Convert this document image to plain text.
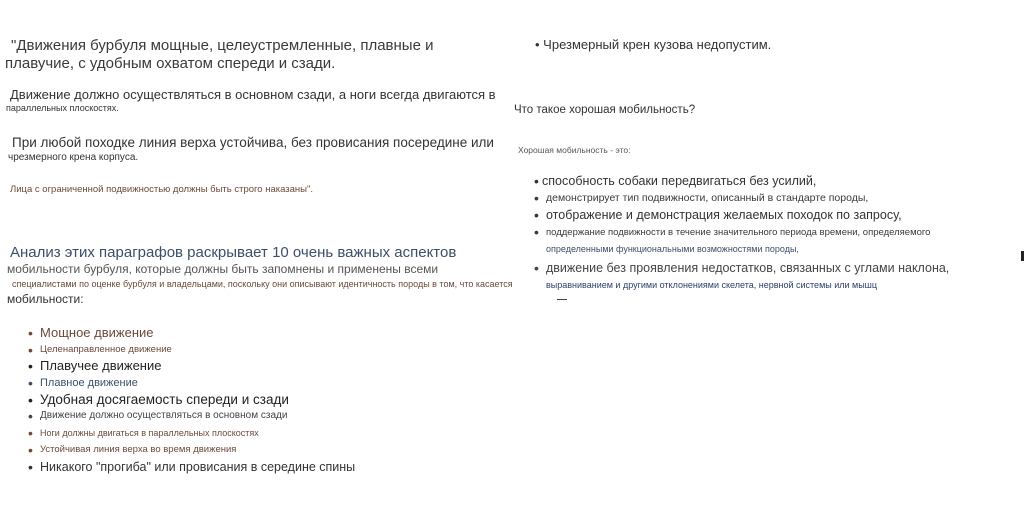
"Движения бурбуля мощные, целеустремленные, плавные и
плавучие, с удобным охватом спереди и сзади.
Движение должно осуществляться в основном сзади, а ноги всегда двигаются в
параллельных плоскостях.
При любой походке линия верха устойчива, без провисания посередине или
чрезмерного крена корпуса.
Лица с ограниченной подвижностью должны быть строго наказаны".
Анализ этих параграфов раскрывает 10 очень важных аспектов
мобильности бурбуля, которые должны быть запомнены и применены всеми
специалистами по оценке бурбуля и владельцами, поскольку они описывают идентичность породы в том, что касается
мобильности:
• Мощное движение
• Целенаправленное движение
• Плавучее движение
• Плавное движение
• Удобная досягаемость спереди и сзади
• Движение должно осуществляться в основном сзади
• Ноги должны двигаться в параллельных плоскостях
• Устойчивая линия верха во время движения
• Никакого "прогиба" или провисания в середине спины
• Чрезмерный крен кузова недопустим.
Что такое хорошая мобильность?
Хорошая мобильность - это:
• способность собаки передвигаться без усилий,
• демонстрирует тип подвижности, описанный в стандарте породы,
• отображение и демонстрация желаемых походок по запросу,
• поддержание подвижности в течение значительного периода времени, определяемого
определенными функциональными возможностями породы,
• движение без проявления недостатков, связанных с углами наклона,
выравниванием и другими отклонениями скелета, нервной системы или мышц
